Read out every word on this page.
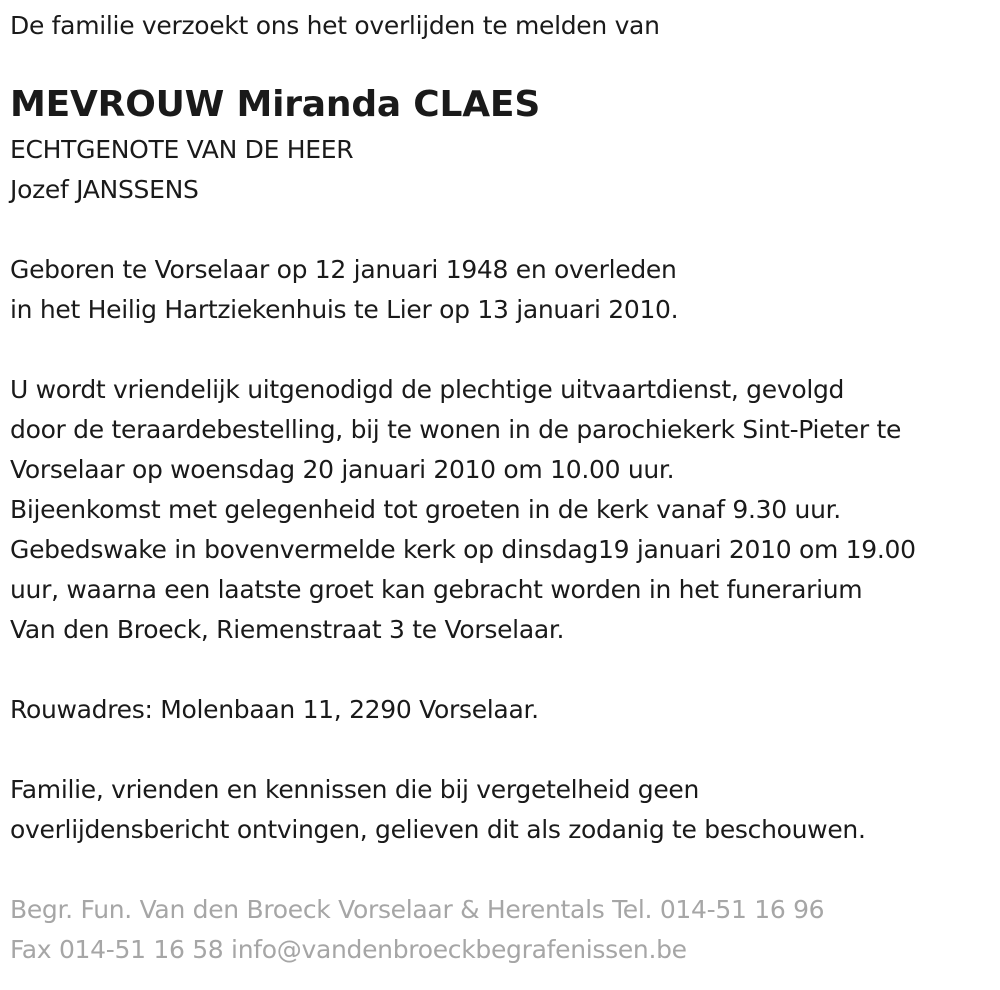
De familie verzoekt ons het overlijden te melden van
MEVROUW Miranda CLAES
ECHTGENOTE VAN DE HEER
Jozef JANSSENS
Geboren te Vorselaar op 12 januari 1948 en overleden
in het Heilig Hartziekenhuis te Lier op 13 januari 2010.
U wordt vriendelijk uitgenodigd de plechtige uitvaartdienst, gevolgd
door de teraardebestelling, bij te wonen in de parochiekerk Sint-Pieter te
Vorselaar op woensdag 20 januari 2010 om 10.00 uur.
Bijeenkomst met gelegenheid tot groeten in de kerk vanaf 9.30 uur.
Gebedswake in bovenvermelde kerk op dinsdag19 januari 2010 om 19.00
uur, waarna een laatste groet kan gebracht worden in het funerarium
Van den Broeck, Riemenstraat 3 te Vorselaar.
Rouwadres: Molenbaan 11, 2290 Vorselaar.
Familie, vrienden en kennissen die bij vergetelheid geen
overlijdensbericht ontvingen, gelieven dit als zodanig te beschouwen.
Begr. Fun. Van den Broeck Vorselaar & Herentals Tel. 014-51 16 96
Fax 014-51 16 58 info@vandenbroeckbegrafenissen.be
